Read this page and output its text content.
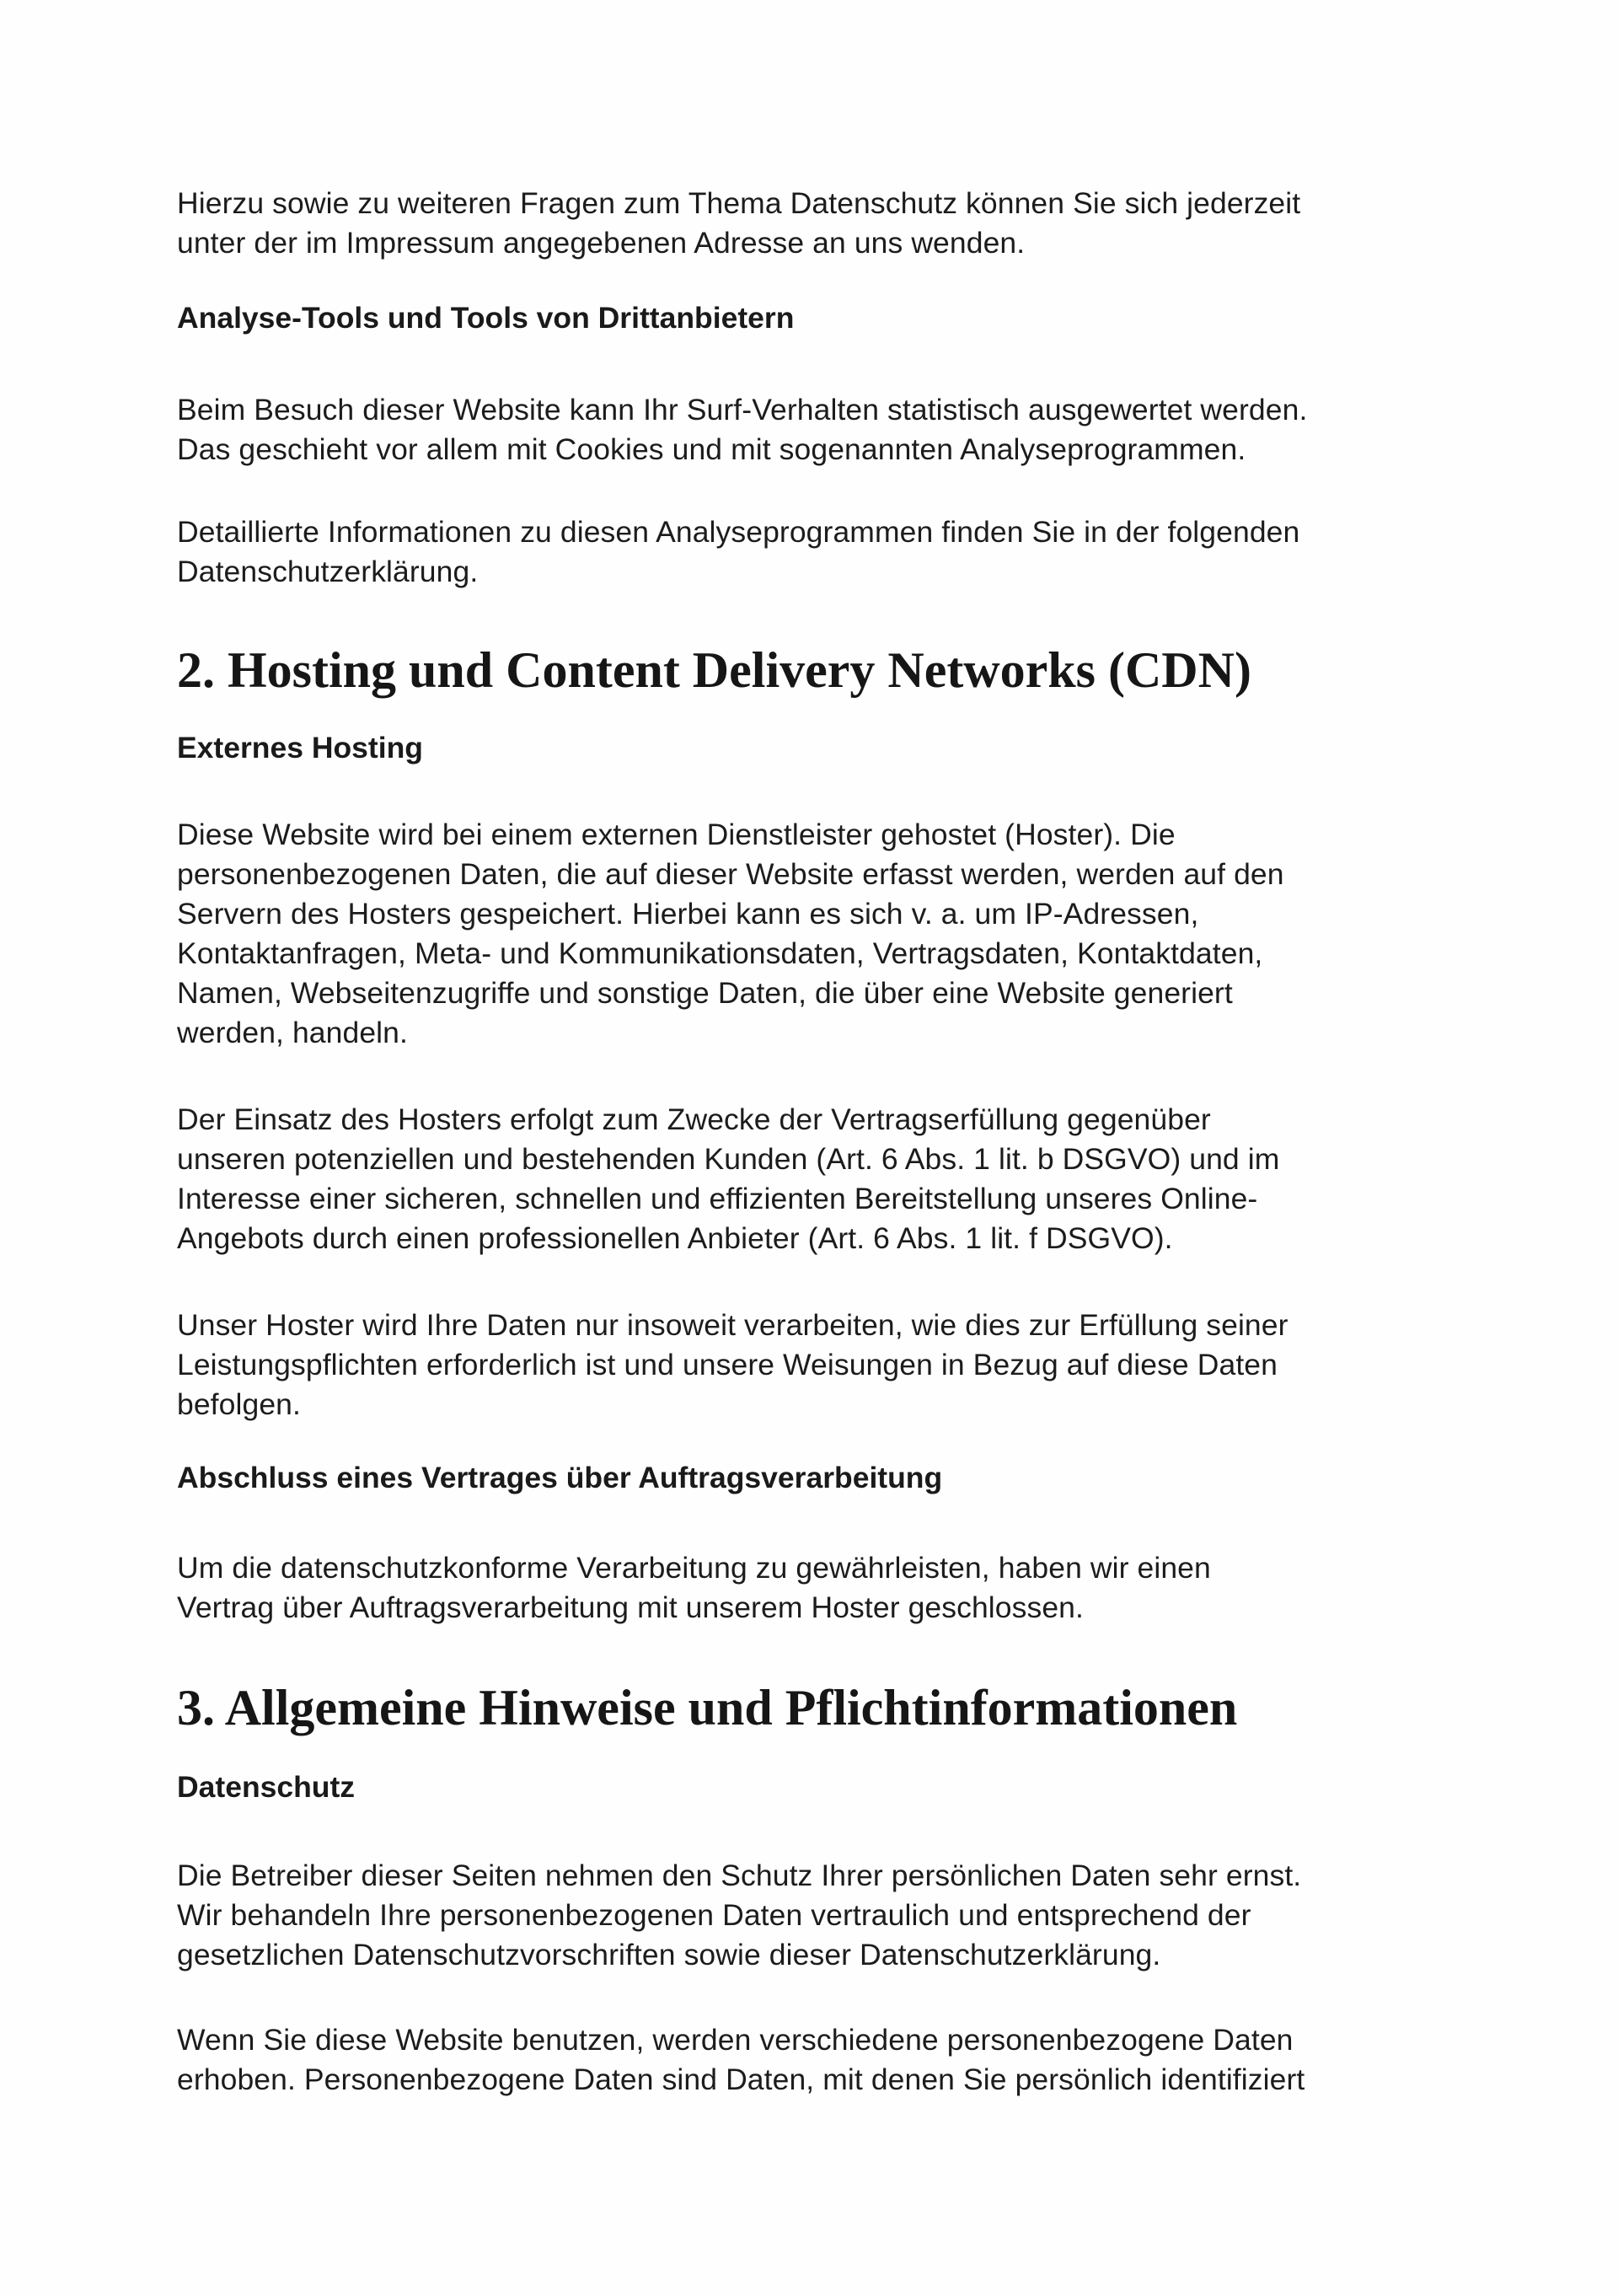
Hierzu sowie zu weiteren Fragen zum Thema Datenschutz können Sie sich jederzeit
unter der im Impressum angegebenen Adresse an uns wenden.

Analyse-Tools und Tools von Drittanbietern

Beim Besuch dieser Website kann Ihr Surf-Verhalten statistisch ausgewertet werden.
Das geschieht vor allem mit Cookies und mit sogenannten Analyseprogrammen.

Detaillierte Informationen zu diesen Analyseprogrammen finden Sie in der folgenden
Datenschutzerklärung.

2. Hosting und Content Delivery Networks (CDN)
Externes Hosting

Diese Website wird bei einem externen Dienstleister gehostet (Hoster). Die
personenbezogenen Daten, die auf dieser Website erfasst werden, werden auf den
Servern des Hosters gespeichert. Hierbei kann es sich v. a. um IP-Adressen,
Kontaktanfragen, Meta- und Kommunikationsdaten, Vertragsdaten, Kontaktdaten,
Namen, Webseitenzugriffe und sonstige Daten, die über eine Website generiert
werden, handeln.

Der Einsatz des Hosters erfolgt zum Zwecke der Vertragserfüllung gegenüber
unseren potenziellen und bestehenden Kunden (Art. 6 Abs. 1 lit. b DSGVO) und im
Interesse einer sicheren, schnellen und effizienten Bereitstellung unseres Online-
Angebots durch einen professionellen Anbieter (Art. 6 Abs. 1 lit. f DSGVO).

Unser Hoster wird Ihre Daten nur insoweit verarbeiten, wie dies zur Erfüllung seiner
Leistungspflichten erforderlich ist und unsere Weisungen in Bezug auf diese Daten
befolgen.

Abschluss eines Vertrages über Auftragsverarbeitung

Um die datenschutzkonforme Verarbeitung zu gewährleisten, haben wir einen
Vertrag über Auftragsverarbeitung mit unserem Hoster geschlossen.

3. Allgemeine Hinweise und Pflichtinformationen
Datenschutz

Die Betreiber dieser Seiten nehmen den Schutz Ihrer persönlichen Daten sehr ernst.
Wir behandeln Ihre personenbezogenen Daten vertraulich und entsprechend der
gesetzlichen Datenschutzvorschriften sowie dieser Datenschutzerklärung.

Wenn Sie diese Website benutzen, werden verschiedene personenbezogene Daten
erhoben. Personenbezogene Daten sind Daten, mit denen Sie persönlich identifiziert
